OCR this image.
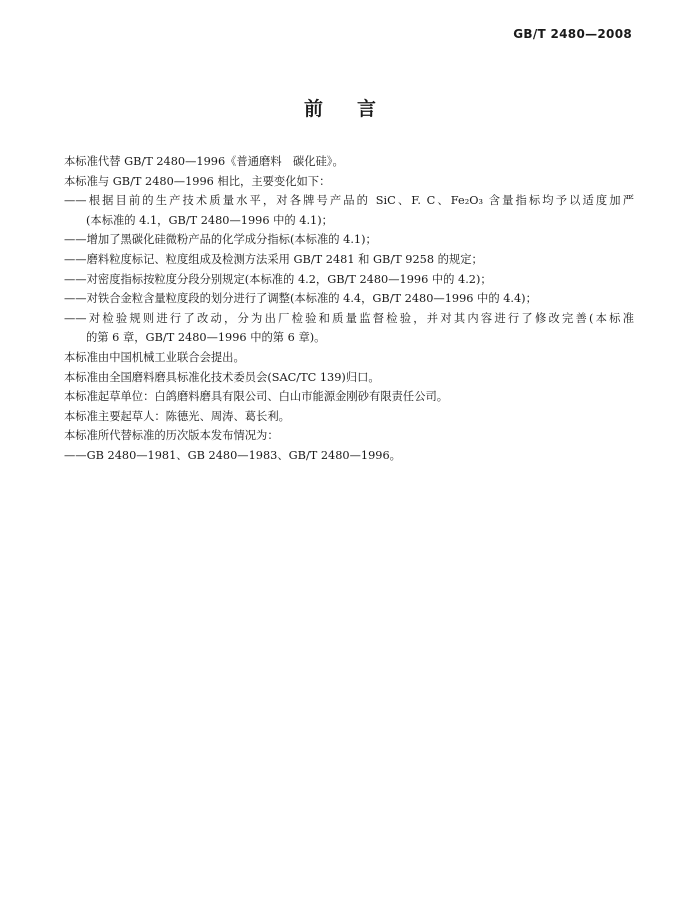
GB/T 2480—2008
前 言
本标准代替 GB/T 2480—1996《普通磨料　碳化硅》。
本标准与 GB/T 2480—1996 相比，主要变化如下：
——根据目前的生产技术质量水平，对各牌号产品的 SiC、F. C、Fe₂O₃ 含量指标均予以适度加严
(本标准的 4.1，GB/T 2480—1996 中的 4.1)；
——增加了黑碳化硅微粉产品的化学成分指标(本标准的 4.1)；
——磨料粒度标记、粒度组成及检测方法采用 GB/T 2481 和 GB/T 9258 的规定；
——对密度指标按粒度分段分别规定(本标准的 4.2，GB/T 2480—1996 中的 4.2)；
——对铁合金粒含量粒度段的划分进行了调整(本标准的 4.4，GB/T 2480—1996 中的 4.4)；
——对检验规则进行了改动，分为出厂检验和质量监督检验，并对其内容进行了修改完善(本标准
的第 6 章，GB/T 2480—1996 中的第 6 章)。
本标准由中国机械工业联合会提出。
本标准由全国磨料磨具标准化技术委员会(SAC/TC 139)归口。
本标准起草单位：白鸽磨料磨具有限公司、白山市能源金刚砂有限责任公司。
本标准主要起草人：陈德光、周涛、葛长利。
本标准所代替标准的历次版本发布情况为：
——GB 2480—1981、GB 2480—1983、GB/T 2480—1996。
